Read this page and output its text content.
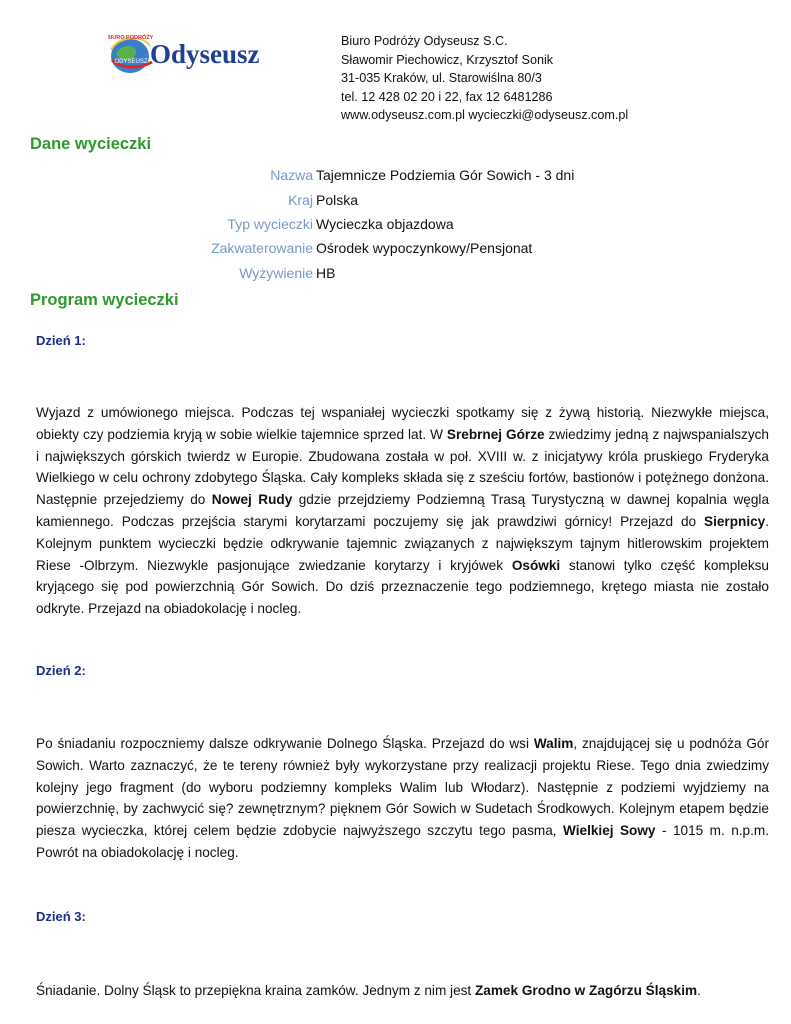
ODYSEUSZ
BIURO PODRÓŻY
Odyseusz	Biuro Podróży Odyseusz S.C.
Sławomir Piechowicz, Krzysztof Sonik
31-035 Kraków, ul. Starowiślna 80/3
tel. 12 428 02 20 i 22, fax 12 6481286
www.odyseusz.com.pl wycieczki@odyseusz.com.pl
Dane wycieczki
Nazwa Tajemnicze Podziemia Gór Sowich - 3 dni
Kraj Polska
Typ wycieczki Wycieczka objazdowa
Zakwaterowanie Ośrodek wypoczynkowy/Pensjonat
Wyżywienie HB
Program wycieczki
Dzień 1:

Wyjazd z umówionego miejsca. Podczas tej wspaniałej wycieczki spotkamy się z żywą historią. Niezwykłe miejsca, obiekty czy podziemia kryją w sobie wielkie tajemnice sprzed lat. W Srebrnej Górze zwiedzimy jedną z najwspanialszych i największych górskich twierdz w Europie. Zbudowana została w poł. XVIII w. z inicjatywy króla pruskiego Fryderyka Wielkiego w celu ochrony zdobytego Śląska. Cały kompleks składa się z sześciu fortów, bastionów i potężnego donżona. Następnie przejedziemy do Nowej Rudy gdzie przejdziemy Podziemną Trasą Turystyczną w dawnej kopalnia węgla kamiennego. Podczas przejścia starymi korytarzami poczujemy się jak prawdziwi górnicy! Przejazd do Sierpnicy. Kolejnym punktem wycieczki będzie odkrywanie tajemnic związanych z największym tajnym hitlerowskim projektem Riese -Olbrzym. Niezwykle pasjonujące zwiedzanie korytarzy i kryjówek Osówki stanowi tylko część kompleksu kryjącego się pod powierzchnią Gór Sowich. Do dziś przeznaczenie tego podziemnego, krętego miasta nie zostało odkryte. Przejazd na obiadokolację i nocleg.

Dzień 2:

Po śniadaniu rozpoczniemy dalsze odkrywanie Dolnego Śląska. Przejazd do wsi Walim, znajdującej się u podnóża Gór Sowich. Warto zaznaczyć, że te tereny również były wykorzystane przy realizacji projektu Riese. Tego dnia zwiedzimy kolejny jego fragment (do wyboru podziemny kompleks Walim lub Włodarz). Następnie z podziemi wyjdziemy na powierzchnię, by zachwycić się? zewnętrznym? pięknem Gór Sowich w Sudetach Środkowych. Kolejnym etapem będzie piesza wycieczka, której celem będzie zdobycie najwyższego szczytu tego pasma, Wielkiej Sowy - 1015 m. n.p.m. Powrót na obiadokolację i nocleg.

Dzień 3:

Śniadanie. Dolny Śląsk to przepiękna kraina zamków. Jednym z nim jest Zamek Grodno w Zagórzu Śląskim.
